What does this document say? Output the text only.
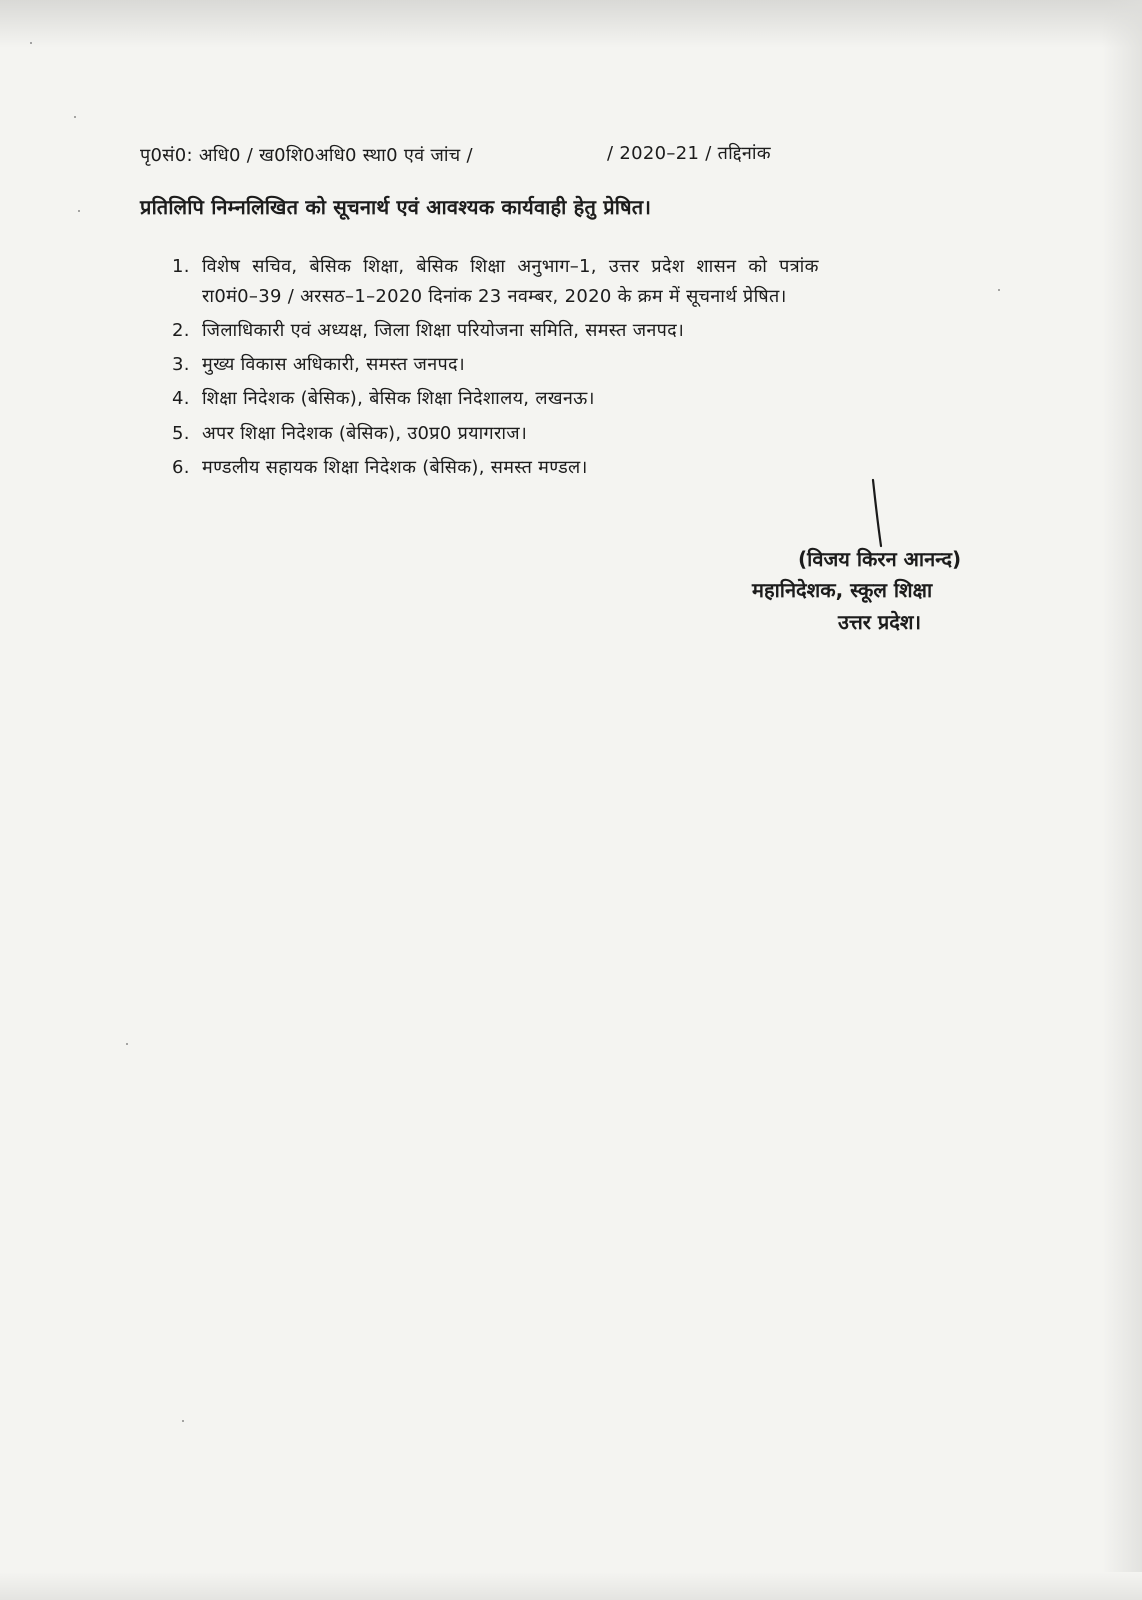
पृ0सं0: अधि0 / ख0शि0अधि0 स्था0 एवं जांच /	/ 2020–21 / तद्दिनांक
प्रतिलिपि निम्नलिखित को सूचनार्थ एवं आवश्यक कार्यवाही हेतु प्रेषित।
1. विशेष सचिव, बेसिक शिक्षा, बेसिक शिक्षा अनुभाग–1, उत्तर प्रदेश शासन को पत्रांक
रा0मं0–39 / अरसठ–1–2020 दिनांक 23 नवम्बर, 2020 के क्रम में सूचनार्थ प्रेषित।
2. जिलाधिकारी एवं अध्यक्ष, जिला शिक्षा परियोजना समिति, समस्त जनपद।
3. मुख्य विकास अधिकारी, समस्त जनपद।
4. शिक्षा निदेशक (बेसिक), बेसिक शिक्षा निदेशालय, लखनऊ।
5. अपर शिक्षा निदेशक (बेसिक), उ0प्र0 प्रयागराज।
6. मण्डलीय सहायक शिक्षा निदेशक (बेसिक), समस्त मण्डल।
(विजय किरन आनन्द)
महानिदेशक, स्कूल शिक्षा
उत्तर प्रदेश।
